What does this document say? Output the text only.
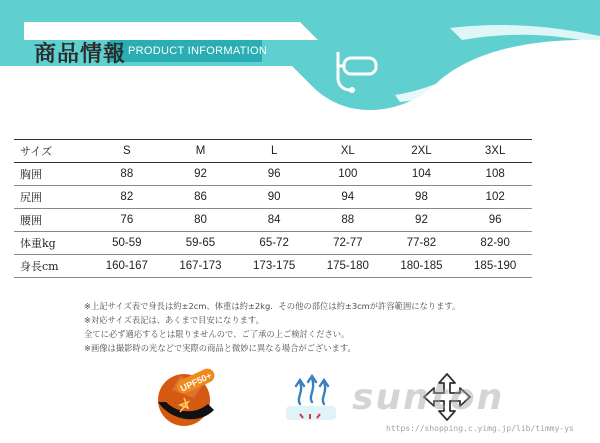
商品情報 PRODUCT INFORMATION
サイズ	S	M	L	XL	2XL	3XL
胸囲	88	92	96	100	104	108
尻囲	82	86	90	94	98	102
腰囲	76	80	84	88	92	96
体重kg	50-59	59-65	65-72	72-77	77-82	82-90
身長cm	160-167	167-173	173-175	175-180	180-185	185-190
※上記サイズ表で身長は約±2cm、体重は約±2kg．その他の部位は約±3cmが許容範囲になります。
※対応サイズ表記は、あくまで目安になります。
全てに必ず適応するとは限りませんので、ご了承の上ご検討ください。
※画像は撮影時の光などで実際の商品と微妙に異なる場合がございます。
UPF50+	sunton
https://shopping.c.yimg.jp/lib/timmy-ys
